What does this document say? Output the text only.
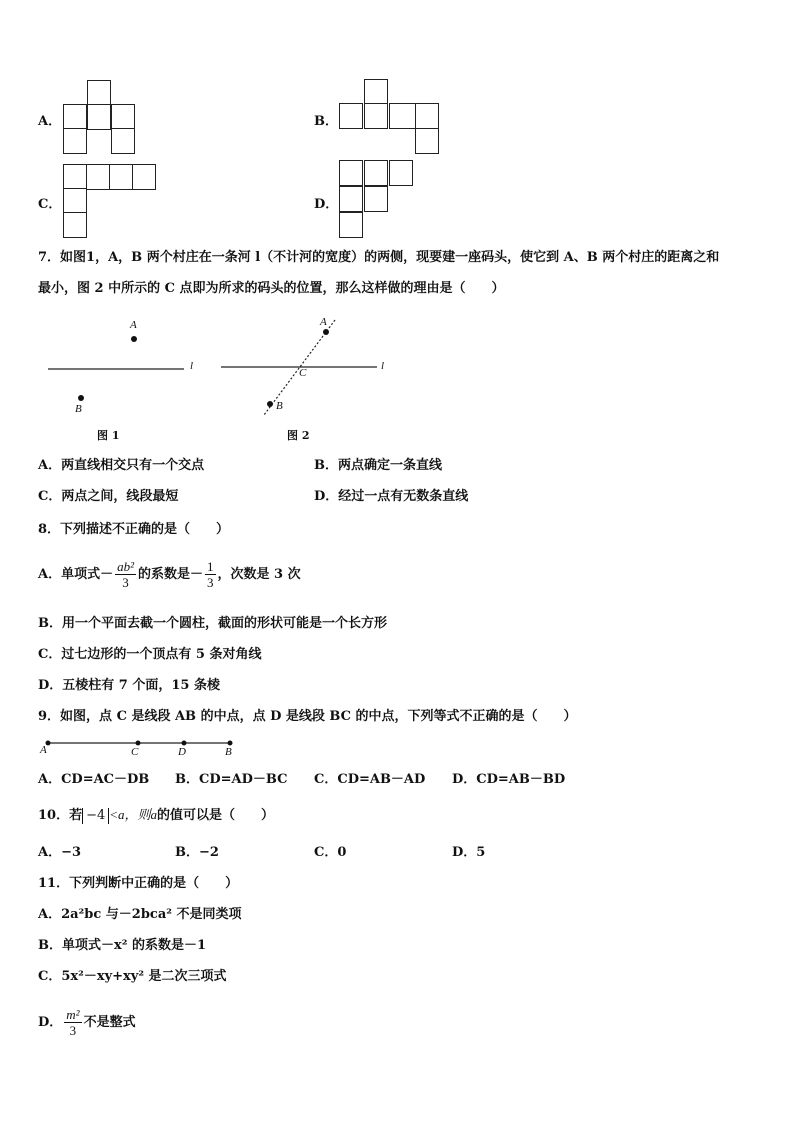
A．	B．
C．	D．
7．如图1，A，B 两个村庄在一条河 l（不计河的宽度）的两侧，现要建一座码头，使它到 A、B 两个村庄的距离之和
最小，图 2 中所示的 C 点即为所求的码头的位置，那么这样做的理由是（　　）
A
l
B
图 1
A
C
l
B
图 2
A．两直线相交只有一个交点	B．两点确定一条直线
C．两点之间，线段最短	D．经过一点有无数条直线
8．下列描述不正确的是（　　）
A．单项式－ $\frac{\text{ab²}}{3}$ 的系数是－ $\frac{1}{3}$ ，次数是 3 次
B．用一个平面去截一个圆柱，截面的形状可能是一个长方形
C．过七边形的一个顶点有 5 条对角线
D．五棱柱有 7 个面，15 条棱
9．如图，点 C 是线段 AB 的中点，点 D 是线段 BC 的中点，下列等式不正确的是（　　）
A	C	D	B
A．CD=AC－DB B．CD=AD－BC C．CD=AB－AD D．CD=AB－BD
10．若 −4 <a，则a的值可以是（　　）
A．−3	B．−2	C．0	D．5
11．下列判断中正确的是（　　）
A．2a²bc 与－2bca² 不是同类项
B．单项式－x² 的系数是－1
C．5x²－xy+xy² 是二次三项式
D． $\frac{\text{m²}}{3}$ 不是整式
